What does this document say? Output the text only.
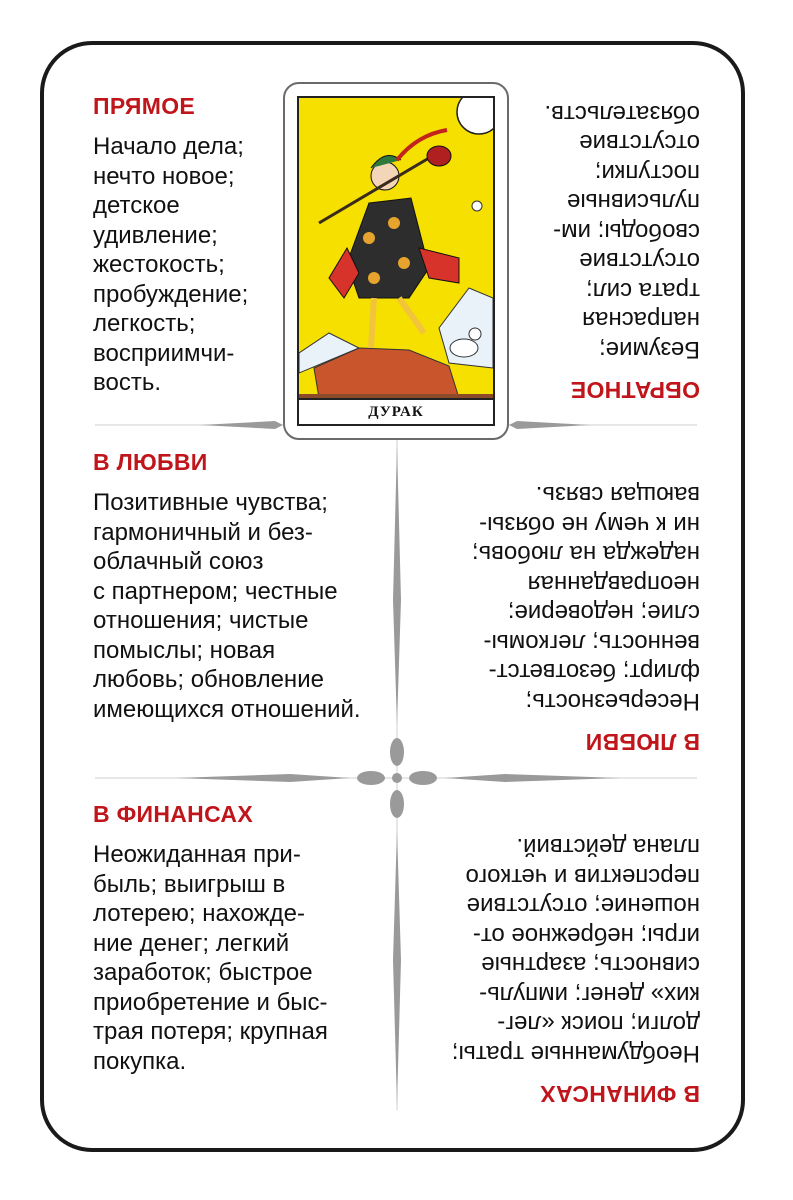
ДУРАК
ПРЯМОЕ

Начало дела;

нечто новое;

детское

удивление;

жестокость;

пробуждение;

легкость;

восприимчи-

вость.

В ЛЮБВИ

Позитивные чувства;

гармоничный и без-

облачный союз

с партнером; честные

отношения; чистые

помыслы; новая

любовь; обновление

имеющихся отношений.

В ФИНАНСАХ

Неожиданная при-

быль; выигрыш в

лотерею; нахожде-

ние денег; легкий

заработок; быстрое

приобретение и быс-

трая потеря; крупная

покупка.

ОБРАТНОЕ

Безумие;

напрасная

трата сил;

отсутствие

свободы; им-

пульсивные

поступки;

отсутствие

обязательств.

В ЛЮБВИ

Несерьезность;

флирт; безответст-

венность; легкомы-

слие; недоверие;

неоправданная

надежда на любовь;

ни к чему не обязы-

вающая связь.

В ФИНАНСАХ

Необдуманные траты;

долги; поиск «лег-

ких» денег; импуль-

сивность; азартные

игры; небрежное от-

ношение; отсутствие

перспектив и четкого

плана действий.
